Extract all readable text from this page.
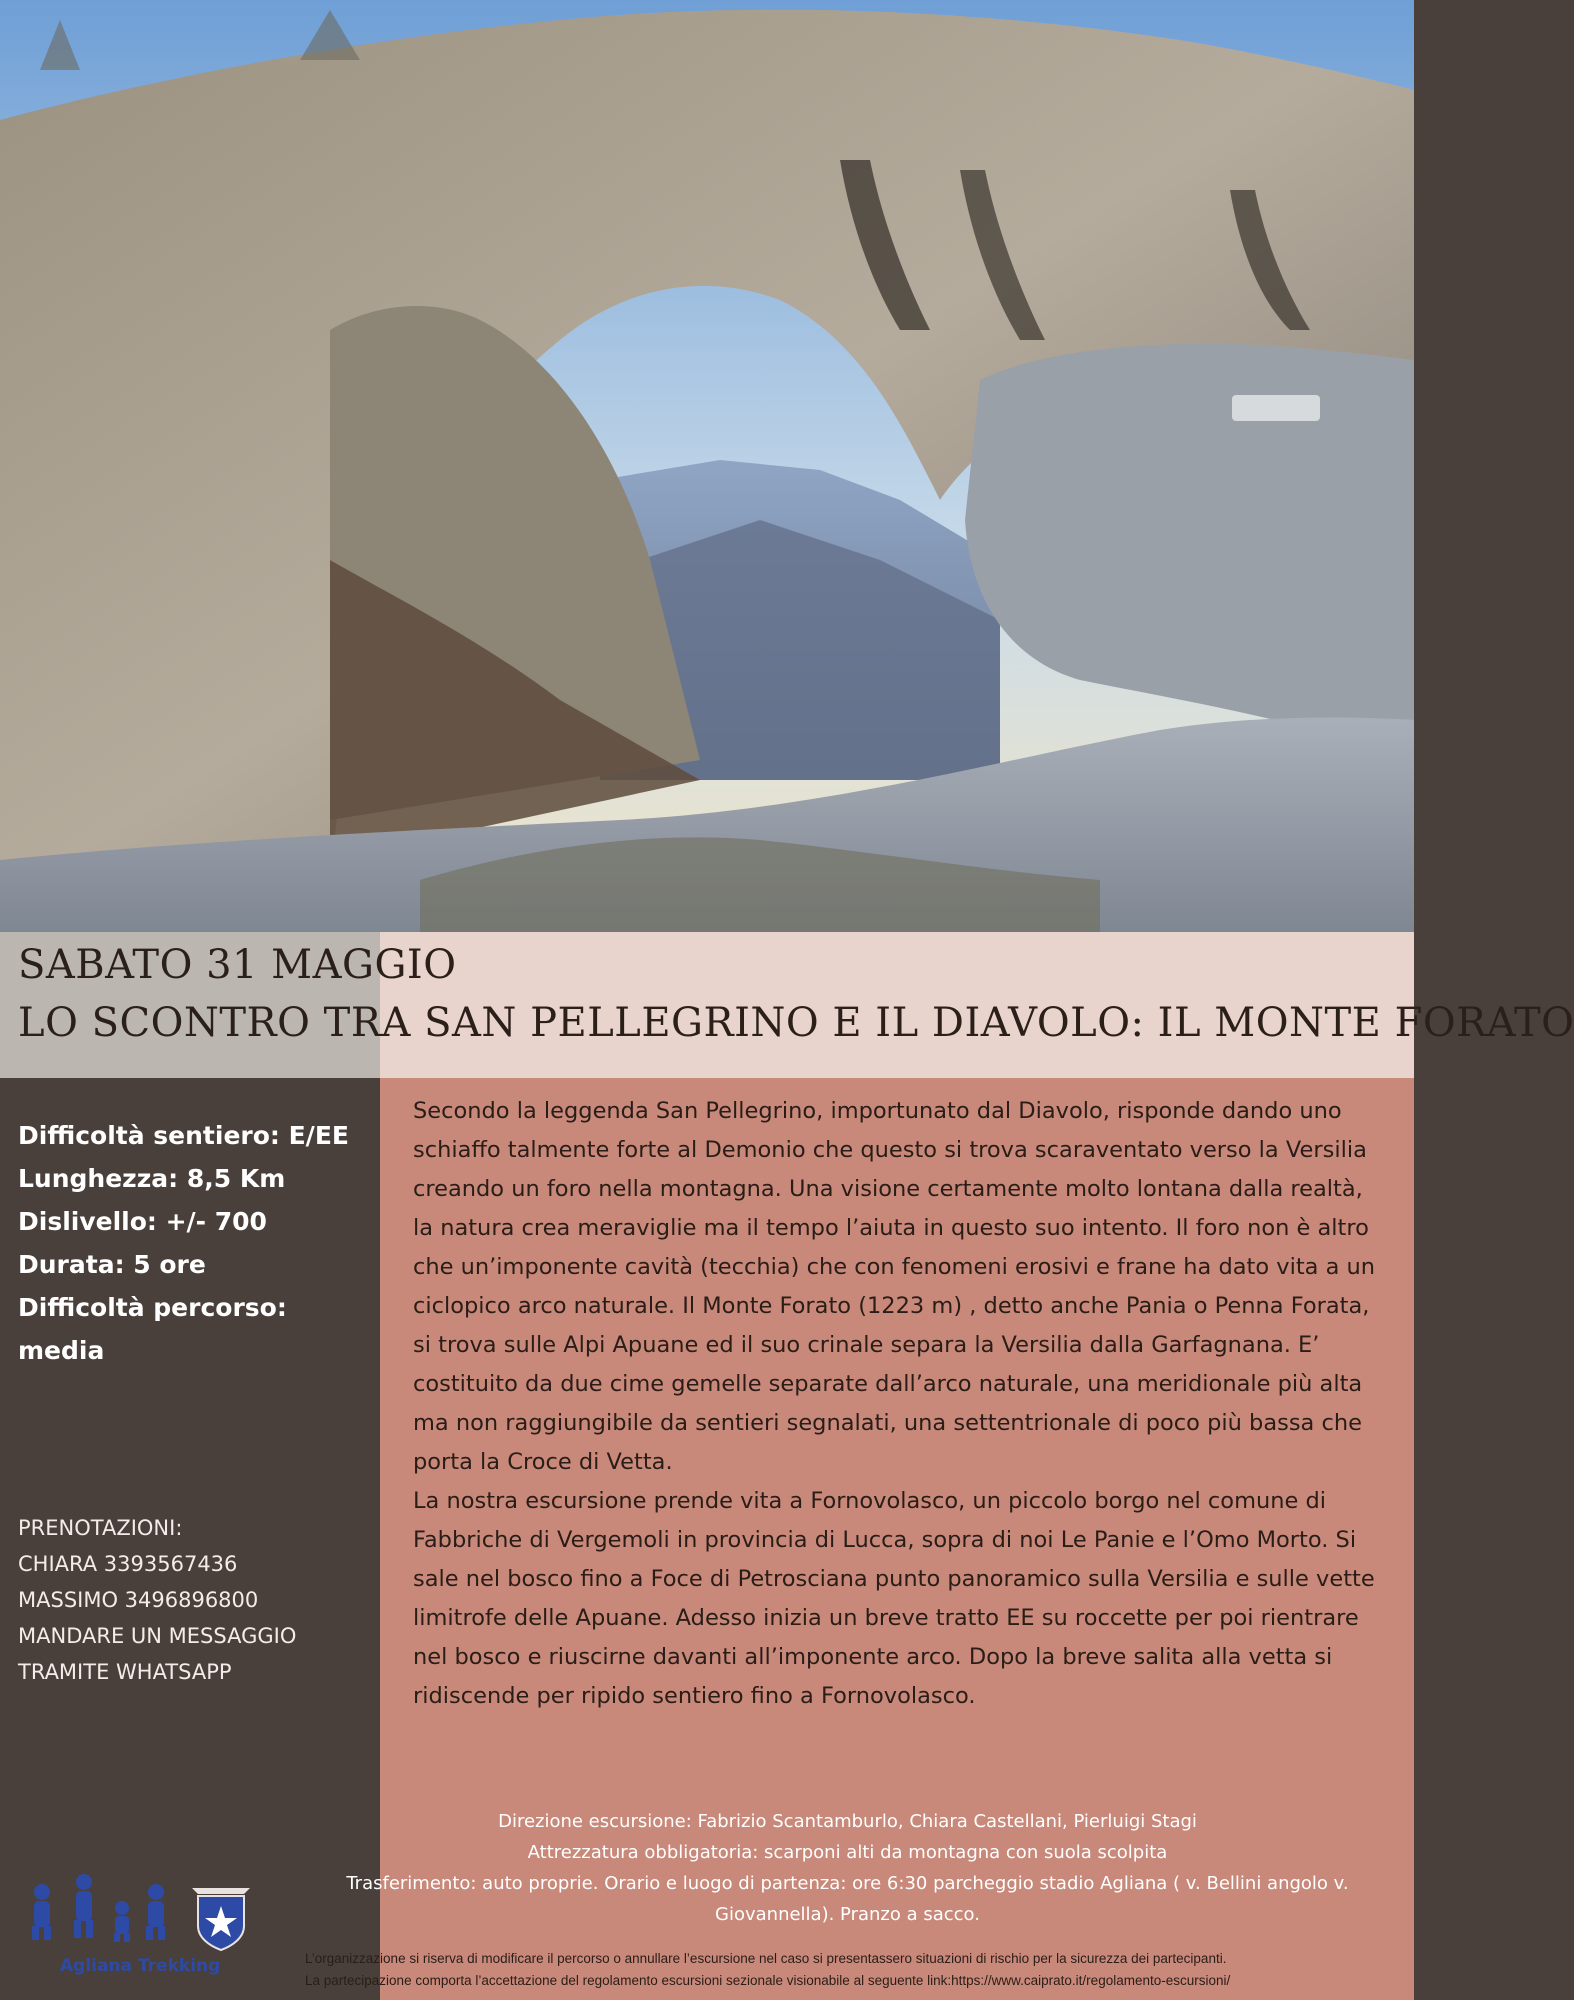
SABATO 31 MAGGIO
LO SCONTRO TRA SAN PELLEGRINO E IL DIAVOLO: IL MONTE FORATO
Difficoltà sentiero: E/EE
Lunghezza: 8,5 Km
Dislivello: +/- 700
Durata: 5 ore
Difficoltà percorso:
media
PRENOTAZIONI:
CHIARA 3393567436
MASSIMO 3496896800
MANDARE UN MESSAGGIO
TRAMITE WHATSAPP

Secondo la leggenda San Pellegrino, importunato dal Diavolo, risponde dando uno schiaffo talmente forte al Demonio che questo si trova scaraventato verso la Versilia creando un foro nella montagna. Una visione certamente molto lontana dalla realtà, la natura crea meraviglie ma il tempo l’aiuta in questo suo intento. Il foro non è altro che un’imponente cavità (tecchia) che con fenomeni erosivi e frane ha dato vita a un ciclopico arco naturale. Il Monte Forato (1223 m) , detto anche Pania o Penna Forata, si trova sulle Alpi Apuane ed il suo crinale separa la Versilia dalla Garfagnana. E’ costituito da due cime gemelle separate dall’arco naturale, una meridionale più alta ma non raggiungibile da sentieri segnalati, una settentrionale di poco più bassa che porta la Croce di Vetta.

La nostra escursione prende vita a Fornovolasco, un piccolo borgo nel comune di Fabbriche di Vergemoli in provincia di Lucca, sopra di noi Le Panie e l’Omo Morto. Si sale nel bosco fino a Foce di Petrosciana punto panoramico sulla Versilia e sulle vette limitrofe delle Apuane. Adesso inizia un breve tratto EE su roccette per poi rientrare nel bosco e riuscirne davanti all’imponente arco. Dopo la breve salita alla vetta si ridiscende per ripido sentiero fino a Fornovolasco.

Direzione escursione: Fabrizio Scantamburlo, Chiara Castellani, Pierluigi Stagi
Attrezzatura obbligatoria: scarponi alti da montagna con suola scolpita
Trasferimento: auto proprie. Orario e luogo di partenza: ore 6:30 parcheggio stadio Agliana ( v. Bellini angolo v. Giovannella). Pranzo a sacco.
L’organizzazione si riserva di modificare il percorso o annullare l’escursione nel caso si presentassero situazioni di rischio per la sicurezza dei partecipanti.
La partecipazione comporta l’accettazione del regolamento escursioni sezionale visionabile al seguente link:https://www.caiprato.it/regolamento-escursioni/
Agliana Trekking
